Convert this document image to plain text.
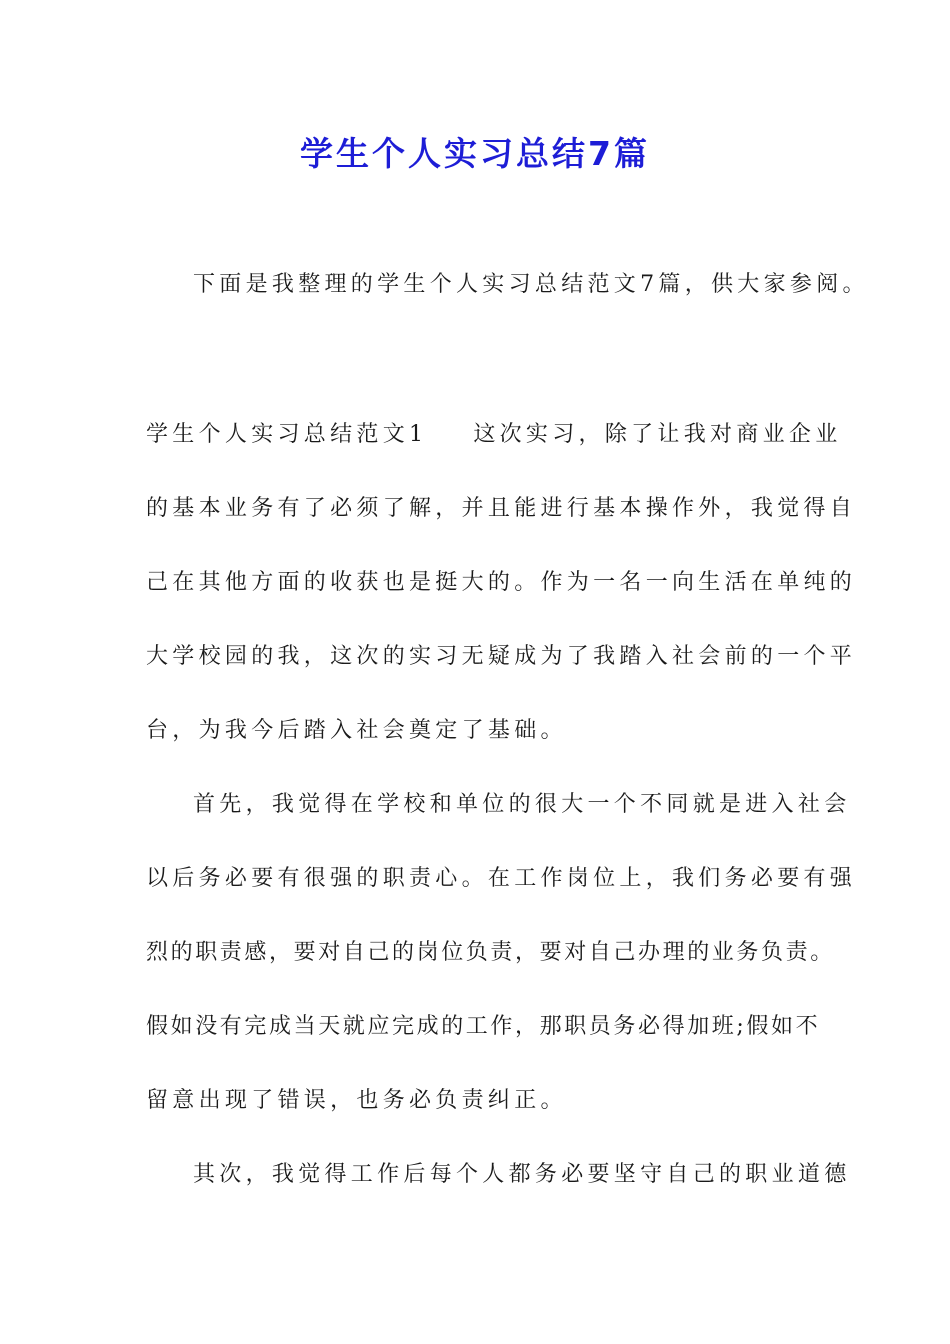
学生个人实习总结7篇

下面是我整理的学生个人实习总结范文7篇，供大家参阅。

学生个人实习总结范文1 这次实习，除了让我对商业企业

的基本业务有了必须了解，并且能进行基本操作外，我觉得自

己在其他方面的收获也是挺大的。作为一名一向生活在单纯的

大学校园的我，这次的实习无疑成为了我踏入社会前的一个平

台，为我今后踏入社会奠定了基础。

首先，我觉得在学校和单位的很大一个不同就是进入社会

以后务必要有很强的职责心。在工作岗位上，我们务必要有强

烈的职责感，要对自己的岗位负责，要对自己办理的业务负责。

假如没有完成当天就应完成的工作，那职员务必得加班;假如不

留意出现了错误，也务必负责纠正。

其次，我觉得工作后每个人都务必要坚守自己的职业道德
